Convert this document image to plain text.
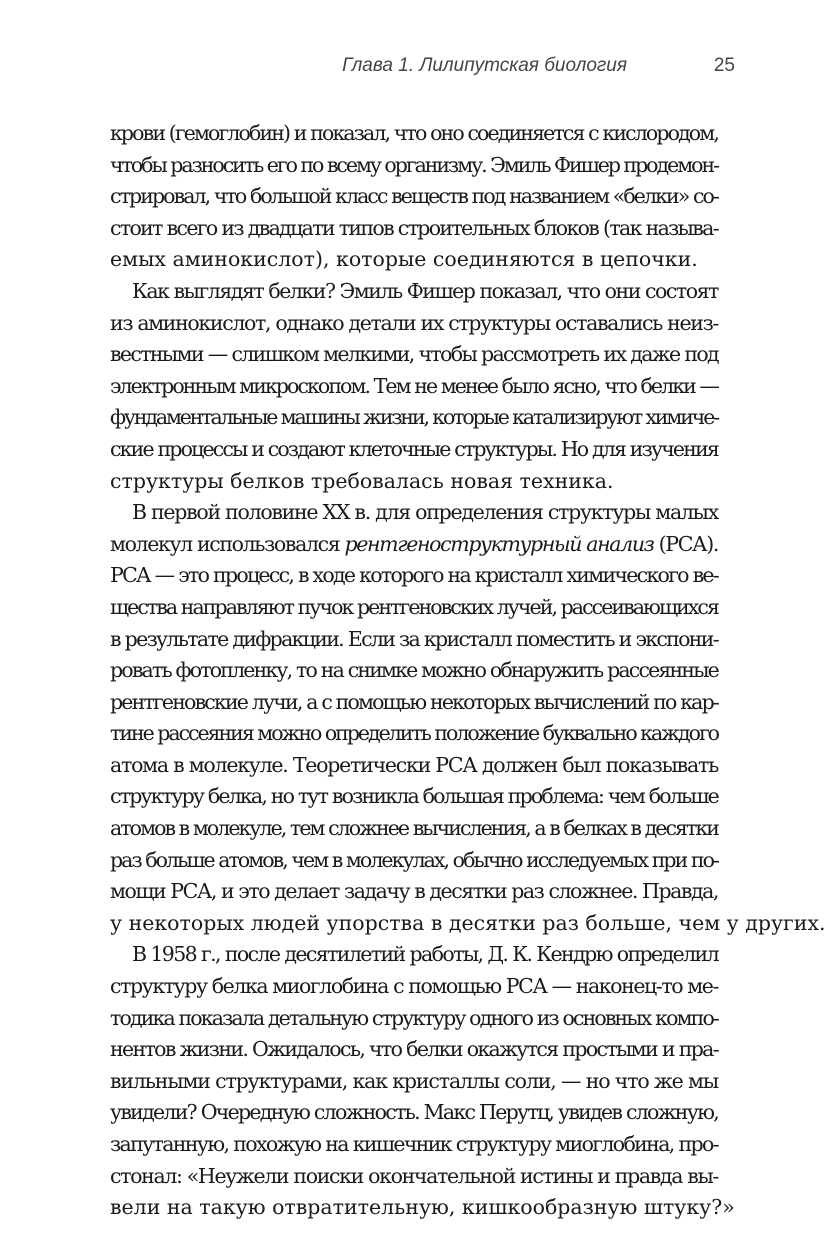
Глава 1. Лилипутская биология	25
крови (гемоглобин) и показал, что оно соединяется с кислородом,
чтобы разносить его по всему организму. Эмиль Фишер продемон-
стрировал, что большой класс веществ под названием «белки» со-
стоит всего из двадцати типов строительных блоков (так называ-
емых аминокислот), которые соединяются в цепочки.
Как выглядят белки? Эмиль Фишер показал, что они состоят
из аминокислот, однако детали их структуры оставались неиз-
вестными — слишком мелкими, чтобы рассмотреть их даже под
электронным микроскопом. Тем не менее было ясно, что белки —
фундаментальные машины жизни, которые катализируют химиче-
ские процессы и создают клеточные структуры. Но для изучения
структуры белков требовалась новая техника.
В первой половине XX в. для определения структуры малых
молекул использовался рентгеноструктурный анализ (РСА).
РСА — это процесс, в ходе которого на кристалл химического ве-
щества направляют пучок рентгеновских лучей, рассеивающихся
в результате дифракции. Если за кристалл поместить и экспони-
ровать фотопленку, то на снимке можно обнаружить рассеянные
рентгеновские лучи, а с помощью некоторых вычислений по кар-
тине рассеяния можно определить положение буквально каждого
атома в молекуле. Теоретически РСА должен был показывать
структуру белка, но тут возникла большая проблема: чем больше
атомов в молекуле, тем сложнее вычисления, а в белках в десятки
раз больше атомов, чем в молекулах, обычно исследуемых при по-
мощи РСА, и это делает задачу в десятки раз сложнее. Правда,
у некоторых людей упорства в десятки раз больше, чем у других.
В 1958 г., после десятилетий работы, Д. К. Кендрю определил
структуру белка миоглобина с помощью РСА — наконец-то ме-
тодика показала детальную структуру одного из основных компо-
нентов жизни. Ожидалось, что белки окажутся простыми и пра-
вильными структурами, как кристаллы соли, — но что же мы
увидели? Очередную сложность. Макс Перутц, увидев сложную,
запутанную, похожую на кишечник структуру миоглобина, про-
стонал: «Неужели поиски окончательной истины и правда вы-
вели на такую отвратительную, кишкообразную штуку?»
